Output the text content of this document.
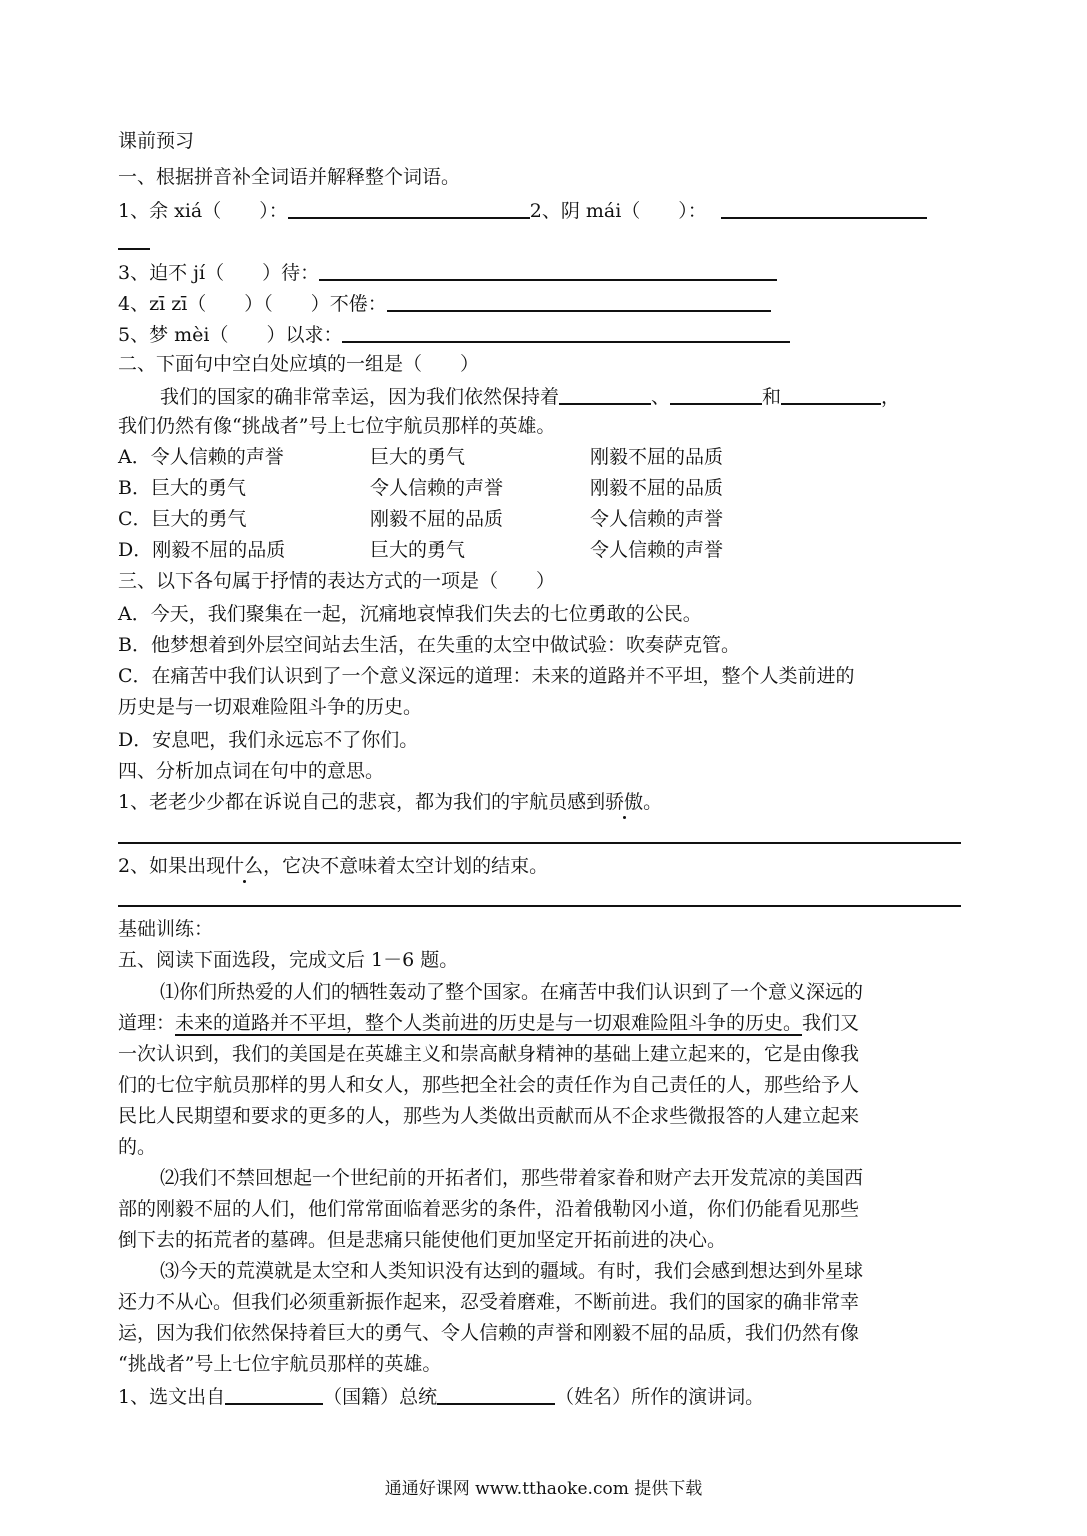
课前预习
一、根据拼音补全词语并解释整个词语。
1、余 xiá（　　）：	2、阴 mái（　　）：
3、迫不 jí（　　）待：
4、zī zī（　　）（　　）不倦：
5、梦 mèi（　　）以求：
二、下面句中空白处应填的一组是（　　）
我们的国家的确非常幸运，因为我们依然保持着	、	和	，
我们仍然有像“挑战者”号上七位宇航员那样的英雄。
A．令人信赖的声誉	巨大的勇气	刚毅不屈的品质
B．巨大的勇气	令人信赖的声誉	刚毅不屈的品质
C．巨大的勇气	刚毅不屈的品质	令人信赖的声誉
D．刚毅不屈的品质	巨大的勇气	令人信赖的声誉
三、以下各句属于抒情的表达方式的一项是（　　）
A．今天，我们聚集在一起，沉痛地哀悼我们失去的七位勇敢的公民。
B．他梦想着到外层空间站去生活，在失重的太空中做试验：吹奏萨克管。
C．在痛苦中我们认识到了一个意义深远的道理：未来的道路并不平坦，整个人类前进的
历史是与一切艰难险阻斗争的历史。
D．安息吧，我们永远忘不了你们。
四、分析加点词在句中的意思。
1、老老少少都在诉说自己的悲哀，都为我们的宇航员感到骄傲。
2、如果出现什么，它决不意味着太空计划的结束。
基础训练：
五、阅读下面选段，完成文后 1－6 题。
⑴你们所热爱的人们的牺牲轰动了整个国家。在痛苦中我们认识到了一个意义深远的
道理：未来的道路并不平坦，整个人类前进的历史是与一切艰难险阻斗争的历史。我们又
一次认识到，我们的美国是在英雄主义和崇高献身精神的基础上建立起来的，它是由像我
们的七位宇航员那样的男人和女人，那些把全社会的责任作为自己责任的人，那些给予人
民比人民期望和要求的更多的人，那些为人类做出贡献而从不企求些微报答的人建立起来
的。
⑵我们不禁回想起一个世纪前的开拓者们，那些带着家眷和财产去开发荒凉的美国西
部的刚毅不屈的人们，他们常常面临着恶劣的条件，沿着俄勒冈小道，你们仍能看见那些
倒下去的拓荒者的墓碑。但是悲痛只能使他们更加坚定开拓前进的决心。
⑶今天的荒漠就是太空和人类知识没有达到的疆域。有时，我们会感到想达到外星球
还力不从心。但我们必须重新振作起来，忍受着磨难，不断前进。我们的国家的确非常幸
运，因为我们依然保持着巨大的勇气、令人信赖的声誉和刚毅不屈的品质，我们仍然有像
“挑战者”号上七位宇航员那样的英雄。
1、选文出自	（国籍）总统	（姓名）所作的演讲词。
通通好课网 www.tthaoke.com 提供下载
